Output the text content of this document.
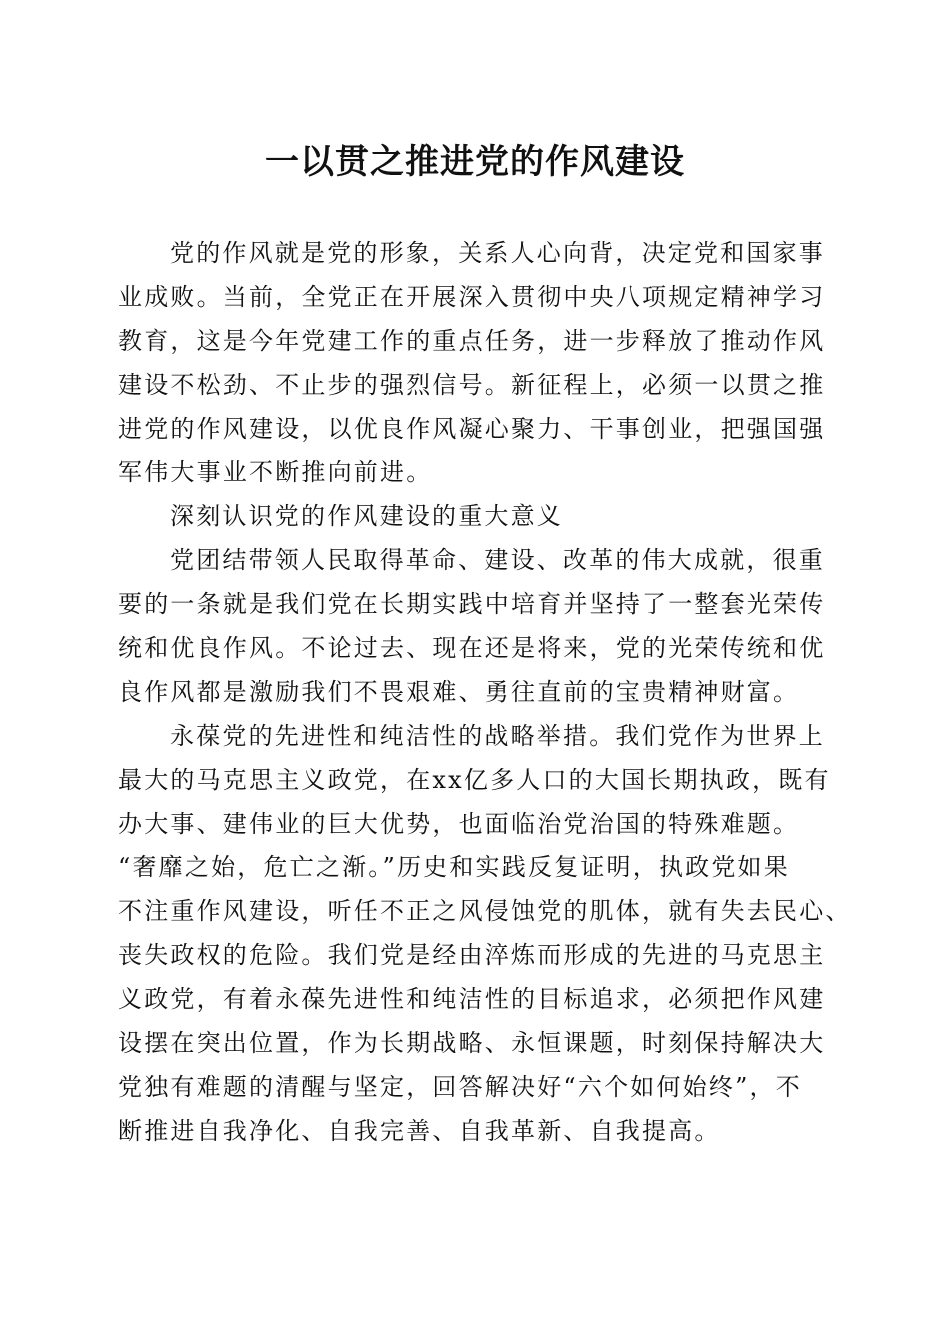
一以贯之推进党的作风建设
党的作风就是党的形象，关系人心向背，决定党和国家事
业成败。当前，全党正在开展深入贯彻中央八项规定精神学习
教育，这是今年党建工作的重点任务，进一步释放了推动作风
建设不松劲、不止步的强烈信号。新征程上，必须一以贯之推
进党的作风建设，以优良作风凝心聚力、干事创业，把强国强
军伟大事业不断推向前进。
深刻认识党的作风建设的重大意义
党团结带领人民取得革命、建设、改革的伟大成就，很重
要的一条就是我们党在长期实践中培育并坚持了一整套光荣传
统和优良作风。不论过去、现在还是将来，党的光荣传统和优
良作风都是激励我们不畏艰难、勇往直前的宝贵精神财富。
永葆党的先进性和纯洁性的战略举措。我们党作为世界上
最大的马克思主义政党，在xx亿多人口的大国长期执政，既有
办大事、建伟业的巨大优势，也面临治党治国的特殊难题。
“奢靡之始，危亡之渐。”历史和实践反复证明，执政党如果
不注重作风建设，听任不正之风侵蚀党的肌体，就有失去民心、
丧失政权的危险。我们党是经由淬炼而形成的先进的马克思主
义政党，有着永葆先进性和纯洁性的目标追求，必须把作风建
设摆在突出位置，作为长期战略、永恒课题，时刻保持解决大
党独有难题的清醒与坚定，回答解决好“六个如何始终”，不
断推进自我净化、自我完善、自我革新、自我提高。
